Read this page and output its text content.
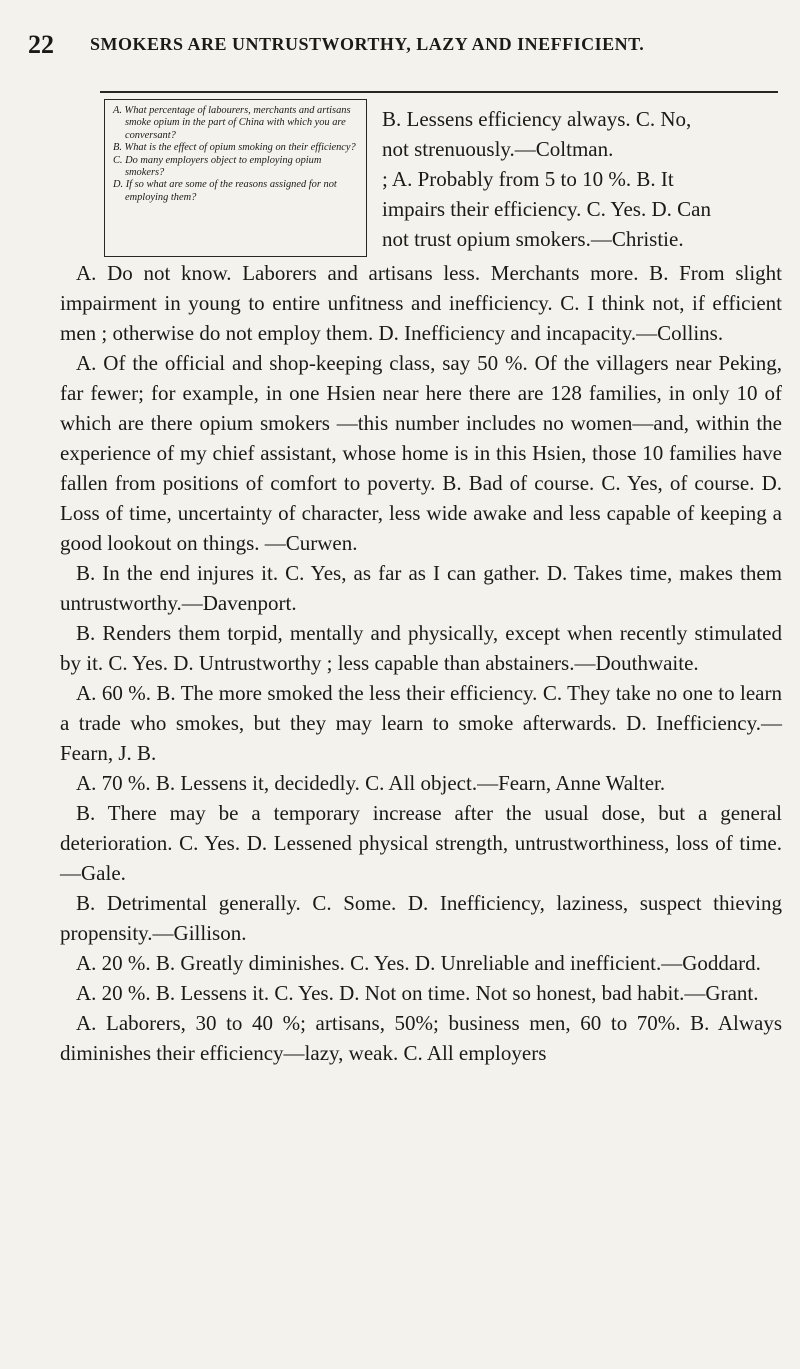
22 SMOKERS ARE UNTRUSTWORTHY, LAZY AND INEFFICIENT.
A. What percentage of labourers, merchants and artisans smoke opium in the part of China with which you are conversant?
B. What is the effect of opium smoking on their efficiency?
C. Do many employers object to employing opium smokers?
D. If so what are some of the reasons assigned for not employing them?
B. Lessens efficiency always. C. No,
not strenuously.—Coltman.
; A. Probably from 5 to 10 %. B. It
impairs their efficiency. C. Yes. D. Can
not trust opium smokers.—Christie.

A. Do not know. Laborers and artisans less. Merchants more. B. From slight impairment in young to entire unfitness and inefficiency. C. I think not, if efficient men ; otherwise do not employ them. D. Inefficiency and incapacity.—Collins.

A. Of the official and shop-keeping class, say 50 %. Of the villagers near Peking, far fewer; for example, in one Hsien near here there are 128 families, in only 10 of which are there opium smokers —this number includes no women—and, within the experience of my chief assistant, whose home is in this Hsien, those 10 families have fallen from positions of comfort to poverty. B. Bad of course. C. Yes, of course. D. Loss of time, uncertainty of character, less wide awake and less capable of keeping a good lookout on things. —Curwen.

B. In the end injures it. C. Yes, as far as I can gather. D. Takes time, makes them untrustworthy.—Davenport.

B. Renders them torpid, mentally and physically, except when recently stimulated by it. C. Yes. D. Untrustworthy ; less capable than abstainers.—Douthwaite.

A. 60 %. B. The more smoked the less their efficiency. C. They take no one to learn a trade who smokes, but they may learn to smoke afterwards. D. Inefficiency.—Fearn, J. B.

A. 70 %. B. Lessens it, decidedly. C. All object.—Fearn, Anne Walter.

B. There may be a temporary increase after the usual dose, but a general deterioration. C. Yes. D. Lessened physical strength, untrustworthiness, loss of time.—Gale.

B. Detrimental generally. C. Some. D. Inefficiency, laziness, suspect thieving propensity.—Gillison.

A. 20 %. B. Greatly diminishes. C. Yes. D. Unreliable and inefficient.—Goddard.

A. 20 %. B. Lessens it. C. Yes. D. Not on time. Not so honest, bad habit.—Grant.

A. Laborers, 30 to 40 %; artisans, 50%; business men, 60 to 70%. B. Always diminishes their efficiency—lazy, weak. C. All employers
